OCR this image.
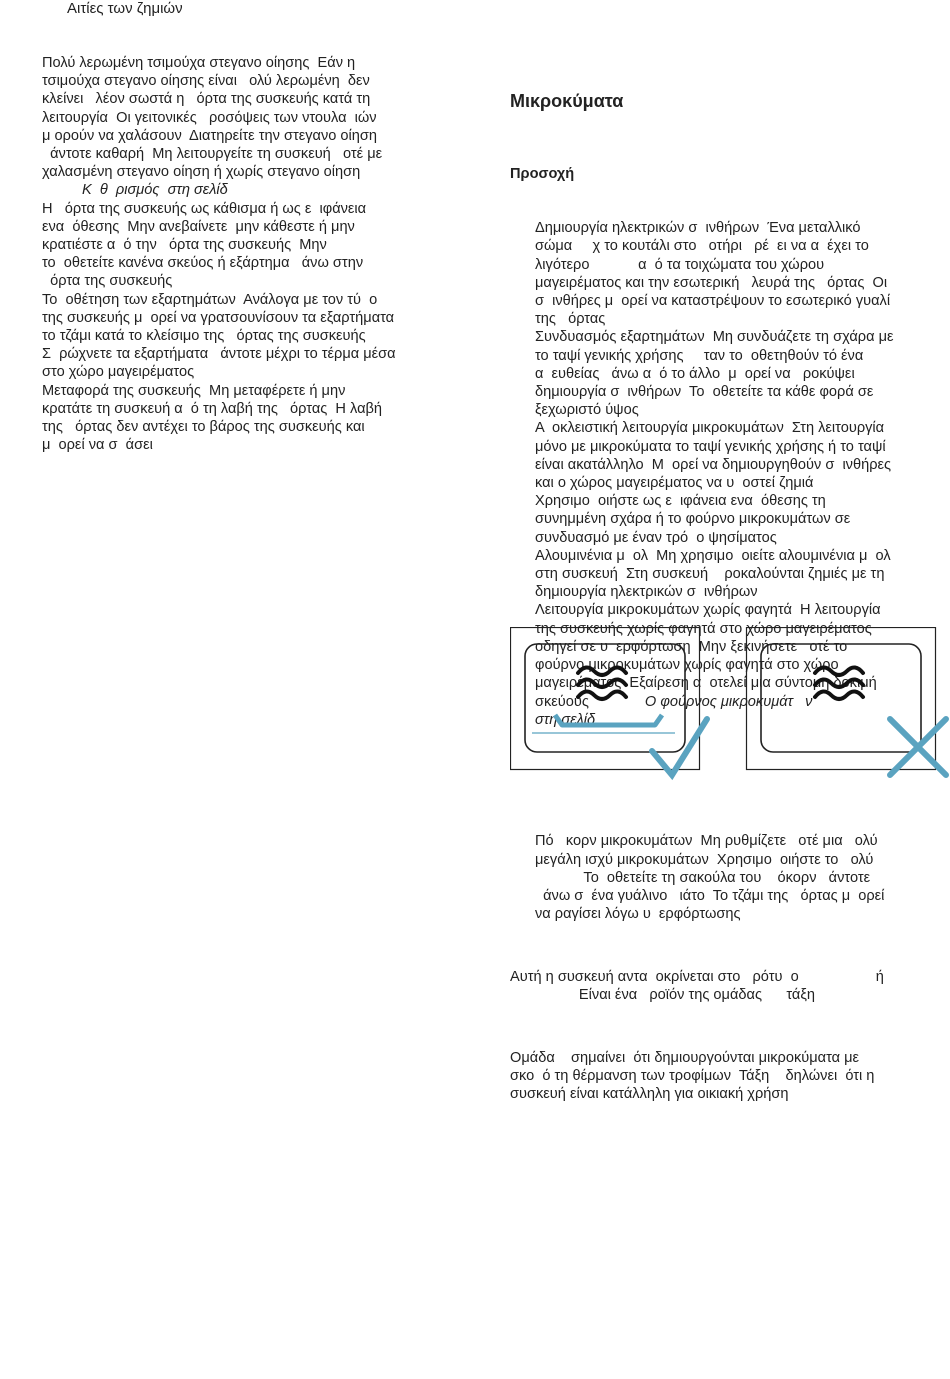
Αιτίες των ζημιών
Πολύ λερωμένη τσιμούχα στεγανο οίησης  Εάν η
τσιμούχα στεγανο οίησης είναι   ολύ λερωμένη  δεν
κλείνει   λέον σωστά η   όρτα της συσκευής κατά τη
λειτουργία  Οι γειτονικές   ροσόψεις των ντουλα  ιών
μ ορούν να χαλάσουν  Διατηρείτε την στεγανο οίηση
άντοτε καθαρή  Μη λειτουργείτε τη συσκευή   οτέ με
χαλασμένη στεγανο οίηση ή χωρίς στεγανο οίηση
Κ  θ  ρισμός  στη σελίδ
Η   όρτα της συσκευής ως κάθισμα ή ως ε  ιφάνεια
ενα  όθεσης  Μην ανεβαίνετε  μην κάθεστε ή μην
κρατιέστε α  ό την   όρτα της συσκευής  Μην
το  οθετείτε κανένα σκεύος ή εξάρτημα   άνω στην
όρτα της συσκευής
Το  οθέτηση των εξαρτημάτων  Ανάλογα με τον τύ  ο
της συσκευής μ  ορεί να γρατσουνίσουν τα εξαρτήματα
το τζάμι κατά το κλείσιμο της   όρτας της συσκευής
Σ  ρώχνετε τα εξαρτήματα   άντοτε μέχρι το τέρμα μέσα
στο χώρο μαγειρέματος
Μεταφορά της συσκευής  Μη μεταφέρετε ή μην
κρατάτε τη συσκευή α  ό τη λαβή της   όρτας  Η λαβή
της   όρτας δεν αντέχει το βάρος της συσκευής και
μ  ορεί να σ  άσει

Μικροκύματα

Προσοχή

Δημιουργία ηλεκτρικών σ  ινθήρων  Ένα μεταλλικό
σώμα     χ το κουτάλι στο   οτήρι   ρέ  ει να α  έχει το
λιγότερο            α  ό τα τοιχώματα του χώρου
μαγειρέματος και την εσωτερική   λευρά της   όρτας  Οι
σ  ινθήρες μ  ορεί να καταστρέψουν το εσωτερικό γυαλί
της   όρτας
Συνδυασμός εξαρτημάτων  Μη συνδυάζετε τη σχάρα με
το ταψί γενικής χρήσης     ταν το  οθετηθούν τό ένα
α  ευθείας   άνω α  ό το άλλο  μ  ορεί να   ροκύψει
δημιουργία σ  ινθήρων  Το  οθετείτε τα κάθε φορά σε
ξεχωριστό ύψος
Α  οκλειστική λειτουργία μικροκυμάτων  Στη λειτουργία
μόνο με μικροκύματα το ταψί γενικής χρήσης ή το ταψί
είναι ακατάλληλο  Μ  ορεί να δημιουργηθούν σ  ινθήρες
και ο χώρος μαγειρέματος να υ  οστεί ζημιά
Χρησιμο  οιήστε ως ε  ιφάνεια ενα  όθεσης τη
συνημμένη σχάρα ή το φούρνο μικροκυμάτων σε
συνδυασμό με έναν τρό  ο ψησίματος
Αλουμινένια μ  ολ  Μη χρησιμο  οιείτε αλουμινένια μ  ολ
στη συσκευή  Στη συσκευή    ροκαλούνται ζημιές με τη
δημιουργία ηλεκτρικών σ  ινθήρων
Λειτουργία μικροκυμάτων χωρίς φαγητά  Η λειτουργία
της συσκευής χωρίς φαγητά στο χώρο μαγειρέματος
οδηγεί σε υ  ερφόρτωση  Μην ξεκινήσετε   οτέ το
φούρνο μικροκυμάτων χωρίς φαγητά στο χώρο
μαγειρέματος  Εξαίρεση α  οτελεί μια σύντομη δοκιμή
σκεύους	Ο φούρνος μικροκυμάτ   ν
στη σελίδ

Πό   κορν μικροκυμάτων  Μη ρυθμίζετε   οτέ μια   ολύ
μεγάλη ισχύ μικροκυμάτων  Χρησιμο  οιήστε το   ολύ
Το  οθετείτε τη σακούλα του    όκορν   άντοτε
άνω σ  ένα γυάλινο   ιάτο  Το τζάμι της   όρτας μ  ορεί
να ραγίσει λόγω υ  ερφόρτωσης

Αυτή η συσκευή αντα  οκρίνεται στο   ρότυ  ο                   ή
Είναι ένα   ροϊόν της ομάδας      τάξη

Ομάδα    σημαίνει  ότι δημιουργούνται μικροκύματα με
σκο  ό τη θέρμανση των τροφίμων  Τάξη    δηλώνει  ότι η
συσκευή είναι κατάλληλη για οικιακή χρήση
